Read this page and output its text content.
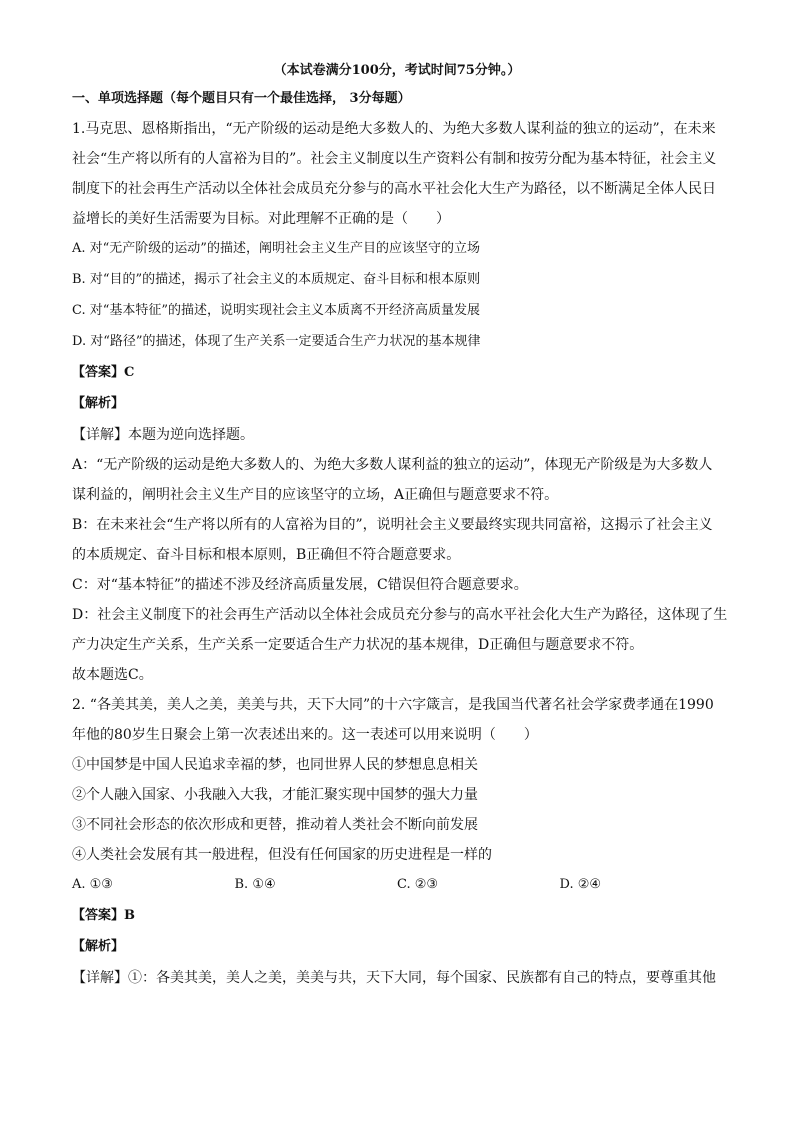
（本试卷满分100分，考试时间75分钟。）
一、单项选择题（每个题目只有一个最佳选择， 3分每题）
1.马克思、恩格斯指出，“无产阶级的运动是绝大多数人的、为绝大多数人谋利益的独立的运动”，在未来
社会“生产将以所有的人富裕为目的”。社会主义制度以生产资料公有制和按劳分配为基本特征，社会主义
制度下的社会再生产活动以全体社会成员充分参与的高水平社会化大生产为路径，以不断满足全体人民日
益增长的美好生活需要为目标。对此理解不正确的是（　　）
A. 对“无产阶级的运动”的描述，阐明社会主义生产目的应该坚守的立场
B. 对“目的”的描述，揭示了社会主义的本质规定、奋斗目标和根本原则
C. 对“基本特征”的描述，说明实现社会主义本质离不开经济高质量发展
D. 对“路径”的描述，体现了生产关系一定要适合生产力状况的基本规律
【答案】C
【解析】
【详解】本题为逆向选择题。
A：“无产阶级的运动是绝大多数人的、为绝大多数人谋利益的独立的运动”，体现无产阶级是为大多数人
谋利益的，阐明社会主义生产目的应该坚守的立场，A正确但与题意要求不符。
B：在未来社会“生产将以所有的人富裕为目的”，说明社会主义要最终实现共同富裕，这揭示了社会主义
的本质规定、奋斗目标和根本原则，B正确但不符合题意要求。
C：对“基本特征”的描述不涉及经济高质量发展，C错误但符合题意要求。
D：社会主义制度下的社会再生产活动以全体社会成员充分参与的高水平社会化大生产为路径，这体现了生
产力决定生产关系，生产关系一定要适合生产力状况的基本规律，D正确但与题意要求不符。
故本题选C。
2. “各美其美，美人之美，美美与共，天下大同”的十六字箴言，是我国当代著名社会学家费孝通在1990
年他的80岁生日聚会上第一次表述出来的。这一表述可以用来说明（　　）
①中国梦是中国人民追求幸福的梦，也同世界人民的梦想息息相关
②个人融入国家、小我融入大我，才能汇聚实现中国梦的强大力量
③不同社会形态的依次形成和更替，推动着人类社会不断向前发展
④人类社会发展有其一般进程，但没有任何国家的历史进程是一样的
A. ①③	B. ①④	C. ②③	D. ②④
【答案】B
【解析】
【详解】①：各美其美，美人之美，美美与共，天下大同，每个国家、民族都有自己的特点，要尊重其他
